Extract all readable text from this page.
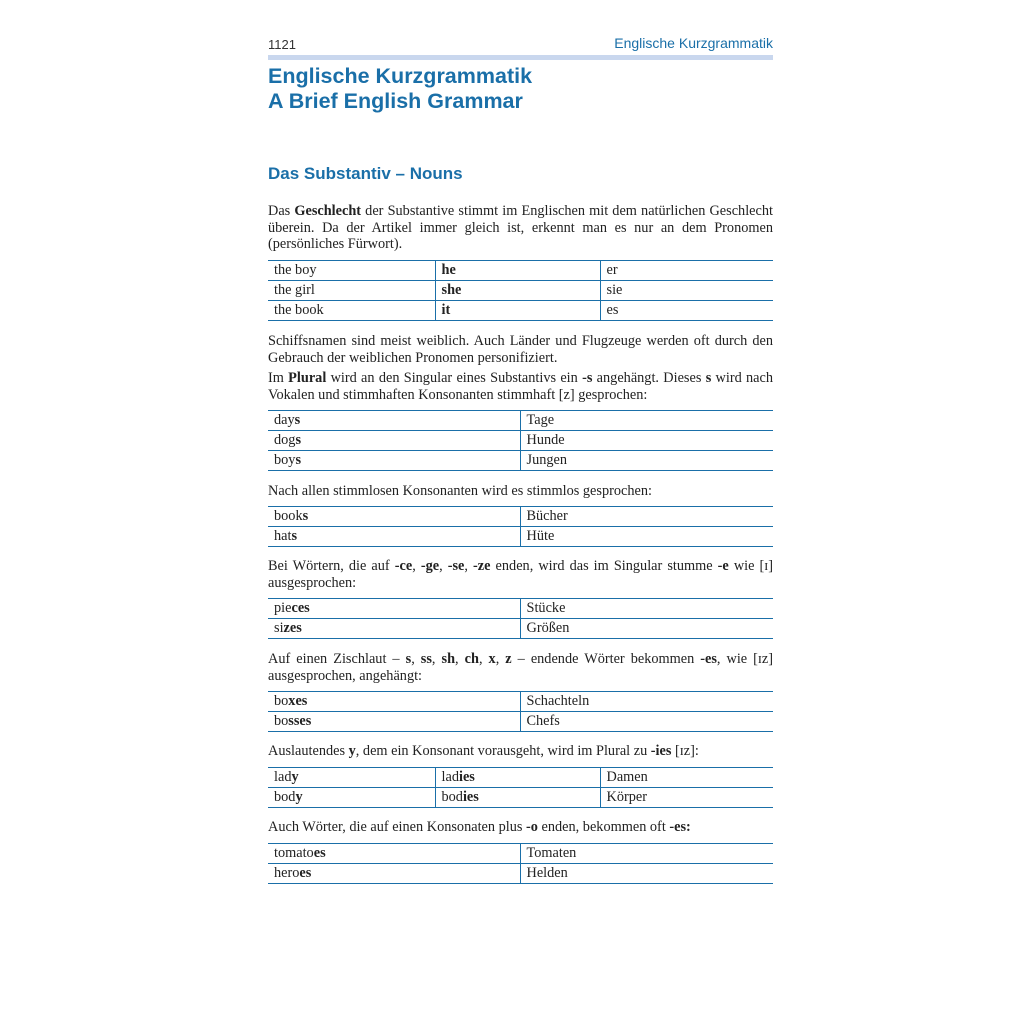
1121	Englische Kurzgrammatik
Englische Kurzgrammatik
A Brief English Grammar
Das Substantiv – Nouns
Das Geschlecht der Substantive stimmt im Englischen mit dem natürlichen Geschlecht überein. Da der Artikel immer gleich ist, erkennt man es nur an dem Pronomen (persönliches Fürwort).
the boy	he	er
the girl	she	sie
the book	it	es
Schiffsnamen sind meist weiblich. Auch Länder und Flugzeuge werden oft durch den Gebrauch der weiblichen Pronomen personifiziert.
Im Plural wird an den Singular eines Substantivs ein -s angehängt. Dieses s wird nach Vokalen und stimmhaften Konsonanten stimmhaft [z] gesprochen:
days	Tage
dogs	Hunde
boys	Jungen
Nach allen stimmlosen Konsonanten wird es stimmlos gesprochen:
books	Bücher
hats	Hüte
Bei Wörtern, die auf -ce, -ge, -se, -ze enden, wird das im Singular stumme -e wie [ɪ] ausgesprochen:
pieces	Stücke
sizes	Größen
Auf einen Zischlaut – s, ss, sh, ch, x, z – endende Wörter bekommen -es, wie [ɪz] ausgesprochen, angehängt:
boxes	Schachteln
bosses	Chefs
Auslautendes y, dem ein Konsonant vorausgeht, wird im Plural zu -ies [ɪz]:
lady	ladies	Damen
body	bodies	Körper
Auch Wörter, die auf einen Konsonaten plus -o enden, bekommen oft -es:
tomatoes	Tomaten
heroes	Helden
